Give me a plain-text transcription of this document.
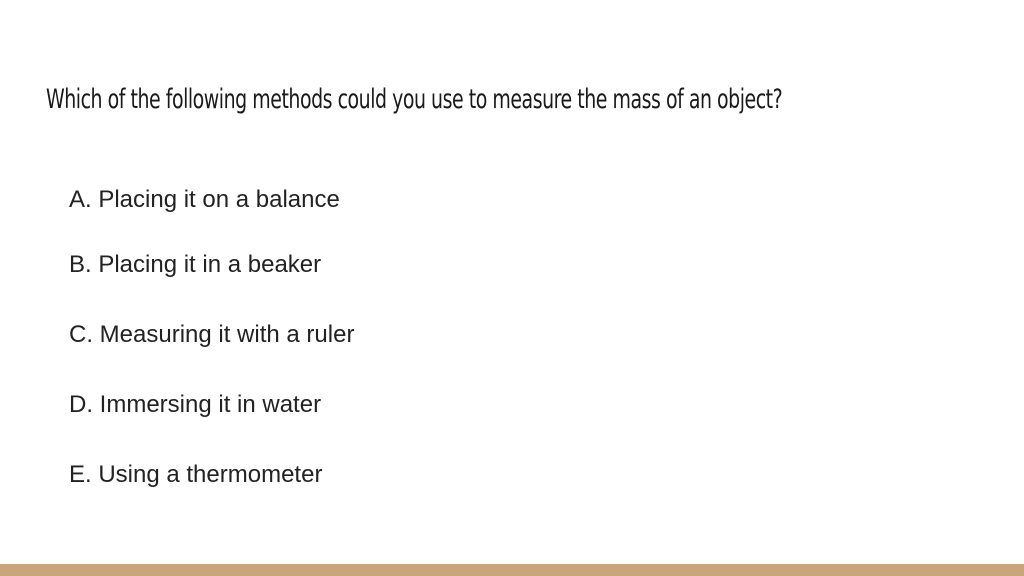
Which of the following methods could you use to measure the mass of an object?
A. Placing it on a balance
B. Placing it in a beaker
C. Measuring it with a ruler
D. Immersing it in water
E. Using a thermometer
